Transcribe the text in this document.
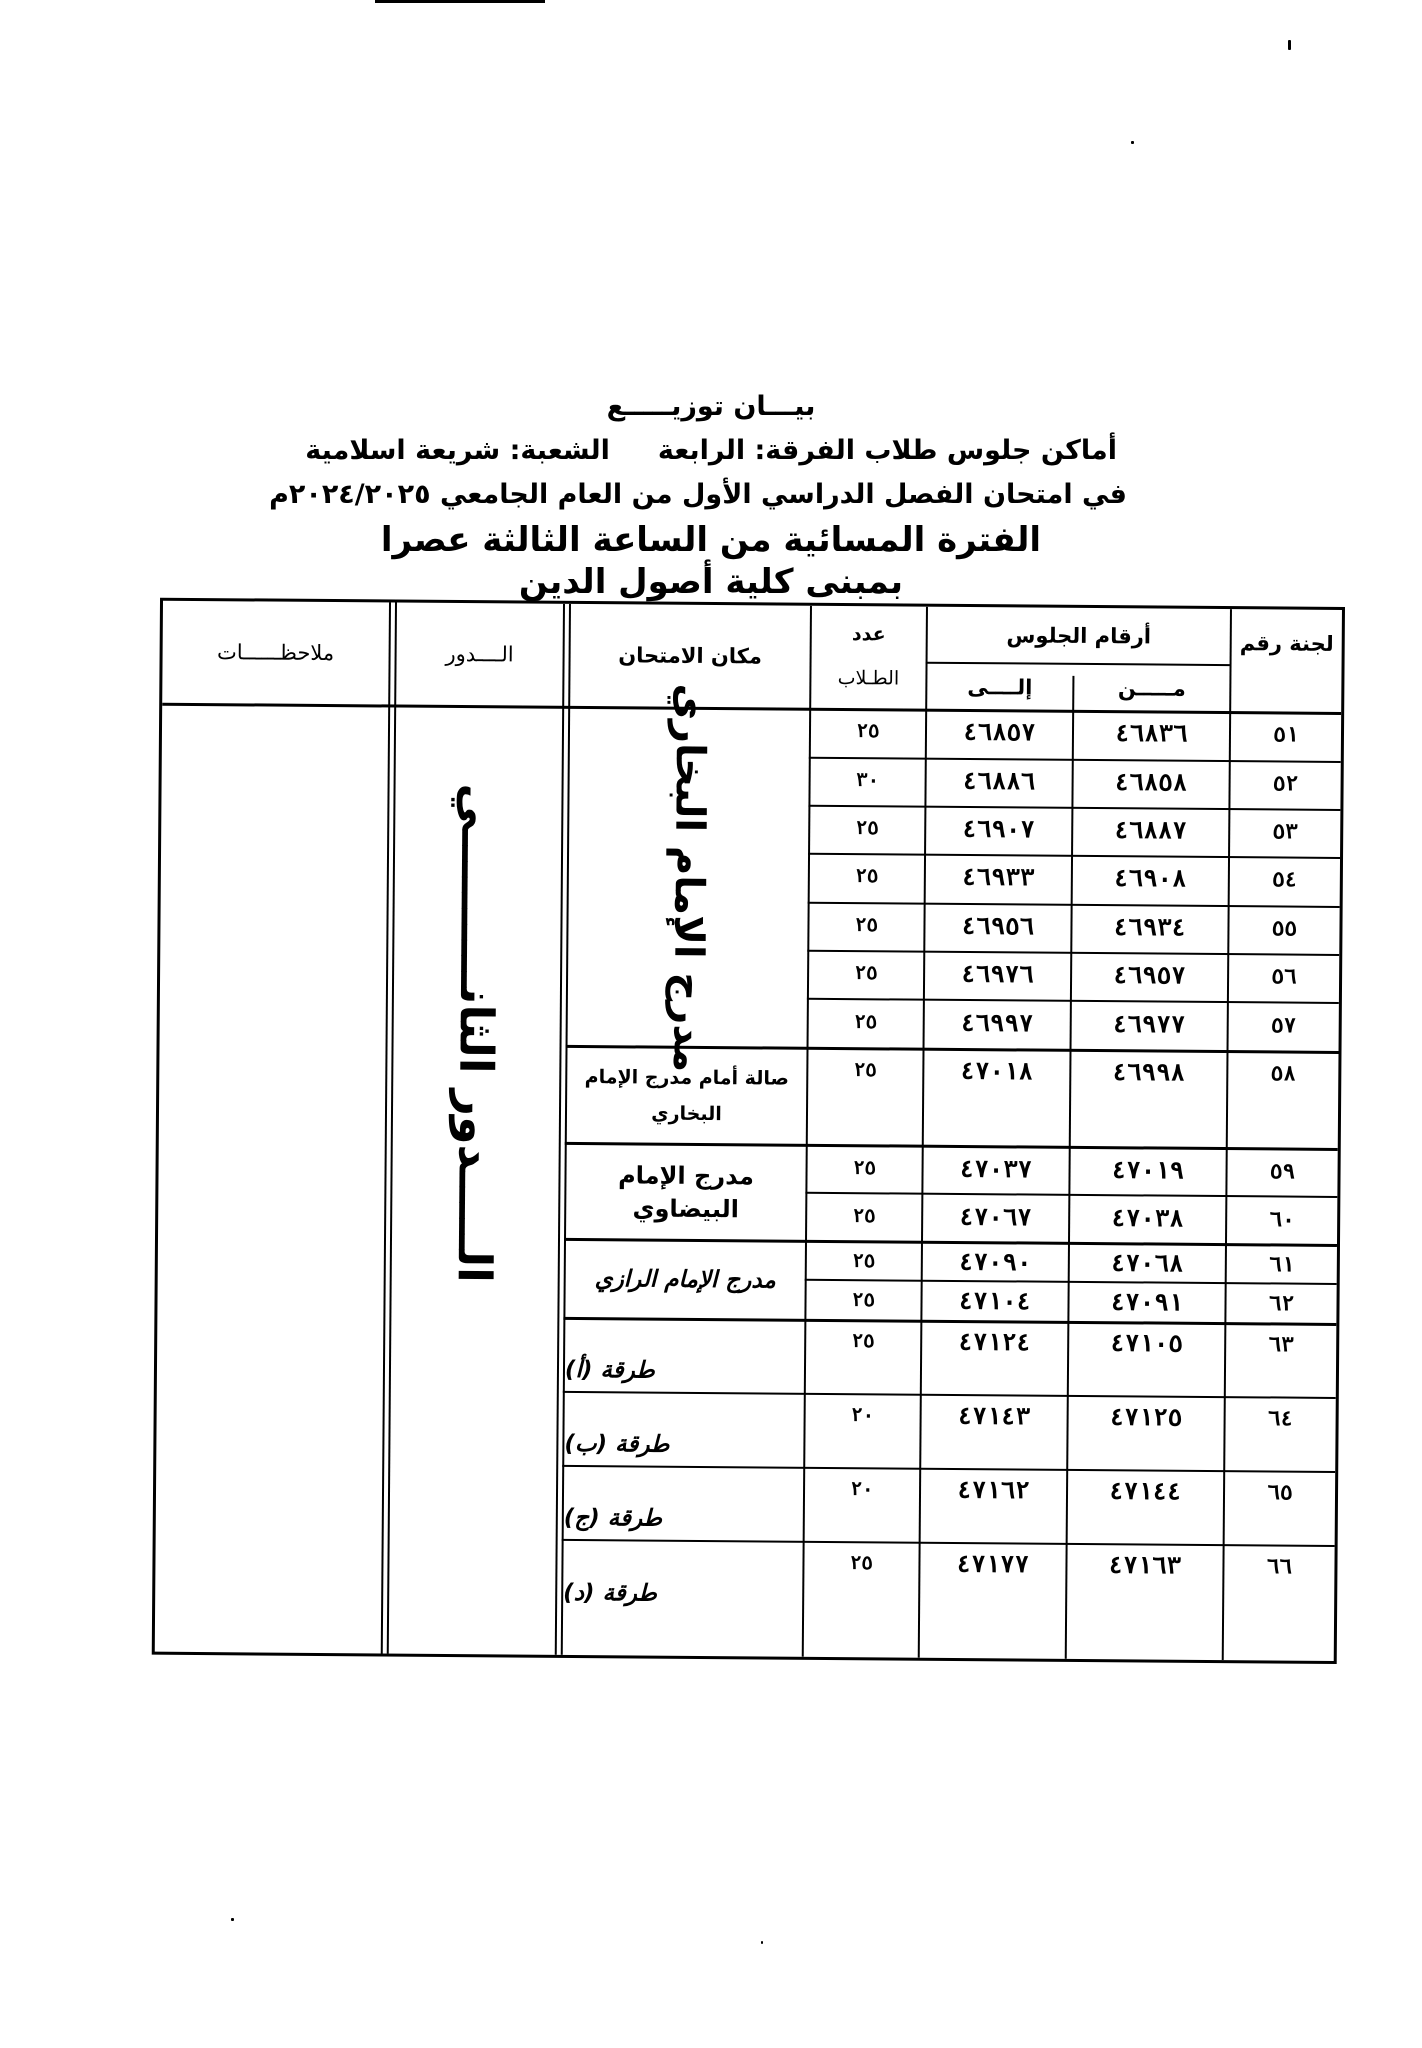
بيـــان توزيـــــع
أماكن جلوس طلاب الفرقة: الرابعةالشعبة: شريعة اسلامية
في امتحان الفصل الدراسي الأول من العام الجامعي ٢٠٢٤/٢٠٢٥م
الفترة المسائية من الساعة الثالثة عصرا
بمبنى كلية أصول الدين
لجنة رقم
أرقام الجلوس
مـــــن
إلــــى
عدد
الطـلاب
مكان الامتحان
الــــدور
ملاحظــــــات
٥١
٤٦٨٣٦
٤٦٨٥٧
٢٥
٥٢
٤٦٨٥٨
٤٦٨٨٦
٣٠
٥٣
٤٦٨٨٧
٤٦٩٠٧
٢٥
٥٤
٤٦٩٠٨
٤٦٩٣٣
٢٥
٥٥
٤٦٩٣٤
٤٦٩٥٦
٢٥
٥٦
٤٦٩٥٧
٤٦٩٧٦
٢٥
٥٧
٤٦٩٧٧
٤٦٩٩٧
٢٥
٥٨
٤٦٩٩٨
٤٧٠١٨
٢٥
٥٩
٤٧٠١٩
٤٧٠٣٧
٢٥
٦٠
٤٧٠٣٨
٤٧٠٦٧
٢٥
٦١
٤٧٠٦٨
٤٧٠٩٠
٢٥
٦٢
٤٧٠٩١
٤٧١٠٤
٢٥
٦٣
٤٧١٠٥
٤٧١٢٤
٢٥
٦٤
٤٧١٢٥
٤٧١٤٣
٢٠
٦٥
٤٧١٤٤
٤٧١٦٢
٢٠
٦٦
٤٧١٦٣
٤٧١٧٧
٢٥
مدرج الإمام البخاري
صالة أمام مدرج الإمام
البخاري
مدرج الإمام
البيضاوي
مدرج الإمام الرازي
طرقة (أ)
طرقة (ب)
طرقة (ج)
طرقة (د)
الـــــدور الثانــــــــــي
